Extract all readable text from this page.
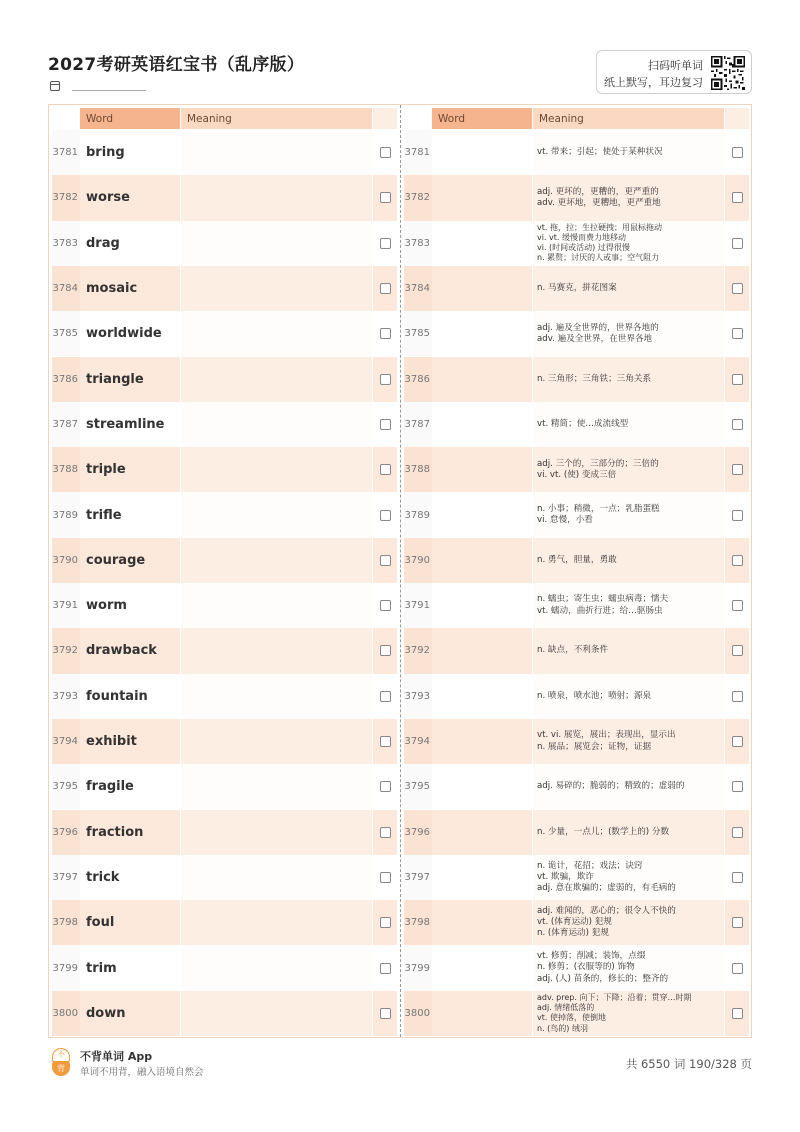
2027考研英语红宝书（乱序版）	扫码听单词
纸上默写，耳边复习
Word	Meaning
3781 bring
3782 worse
3783 drag
3784 mosaic
3785 worldwide
3786 triangle
3787 streamline
3788 triple
3789 trifle
3790 courage
3791 worm
3792 drawback
3793 fountain
3794 exhibit
3795 fragile
3796 fraction
3797 trick
3798 foul
3799 trim
3800 down
Word	Meaning
3781	vt. 带来；引起；使处于某种状况
3782
adj. 更坏的，更糟的，更严重的
adv. 更坏地，更糟地，更严重地
3783
vt. 拖，拉；生拉硬拽；用鼠标拖动
vi. vt. 缓慢而费力地移动
vi. (时间或活动) 过得很慢
n. 累赘；讨厌的人或事；空气阻力
3784	n. 马赛克，拼花图案
3785
adj. 遍及全世界的，世界各地的
adv. 遍及全世界，在世界各地
3786	n. 三角形；三角铁；三角关系
3787	vt. 精简；使…成流线型
3788
adj. 三个的，三部分的；三倍的
vi. vt. (使) 变成三倍
3789
n. 小事；稍微，一点；乳脂蛋糕
vi. 怠慢，小看
3790	n. 勇气，胆量，勇敢
3791
n. 蠕虫；寄生虫；蠕虫病毒；懦夫
vt. 蠕动，曲折行进；给…驱肠虫
3792	n. 缺点，不利条件
3793	n. 喷泉，喷水池；喷射；源泉
3794
vt. vi. 展览，展出；表现出，显示出
n. 展品；展览会；证物，证据
3795	adj. 易碎的；脆弱的；精致的；虚弱的
3796	n. 少量，一点儿；(数学上的) 分数
3797
n. 诡计，花招；戏法；诀窍
vt. 欺骗，欺诈
adj. 意在欺骗的；虚弱的，有毛病的
3798
adj. 难闻的，恶心的；很令人不快的
vt. (体育运动) 犯规
n. (体育运动) 犯规
3799
vt. 修剪；削减；装饰，点缀
n. 修剪；(衣服等的) 饰物
adj. (人) 苗条的，修长的；整齐的
3800
adv. prep. 向下；下降；沿着；贯穿…时期
adj. 情绪低落的
vt. 使掉落，使倒地
n. (鸟的) 绒羽
不
背
不背单词 App
单词不用背，融入语境自然会
共 6550 词 190/328 页
